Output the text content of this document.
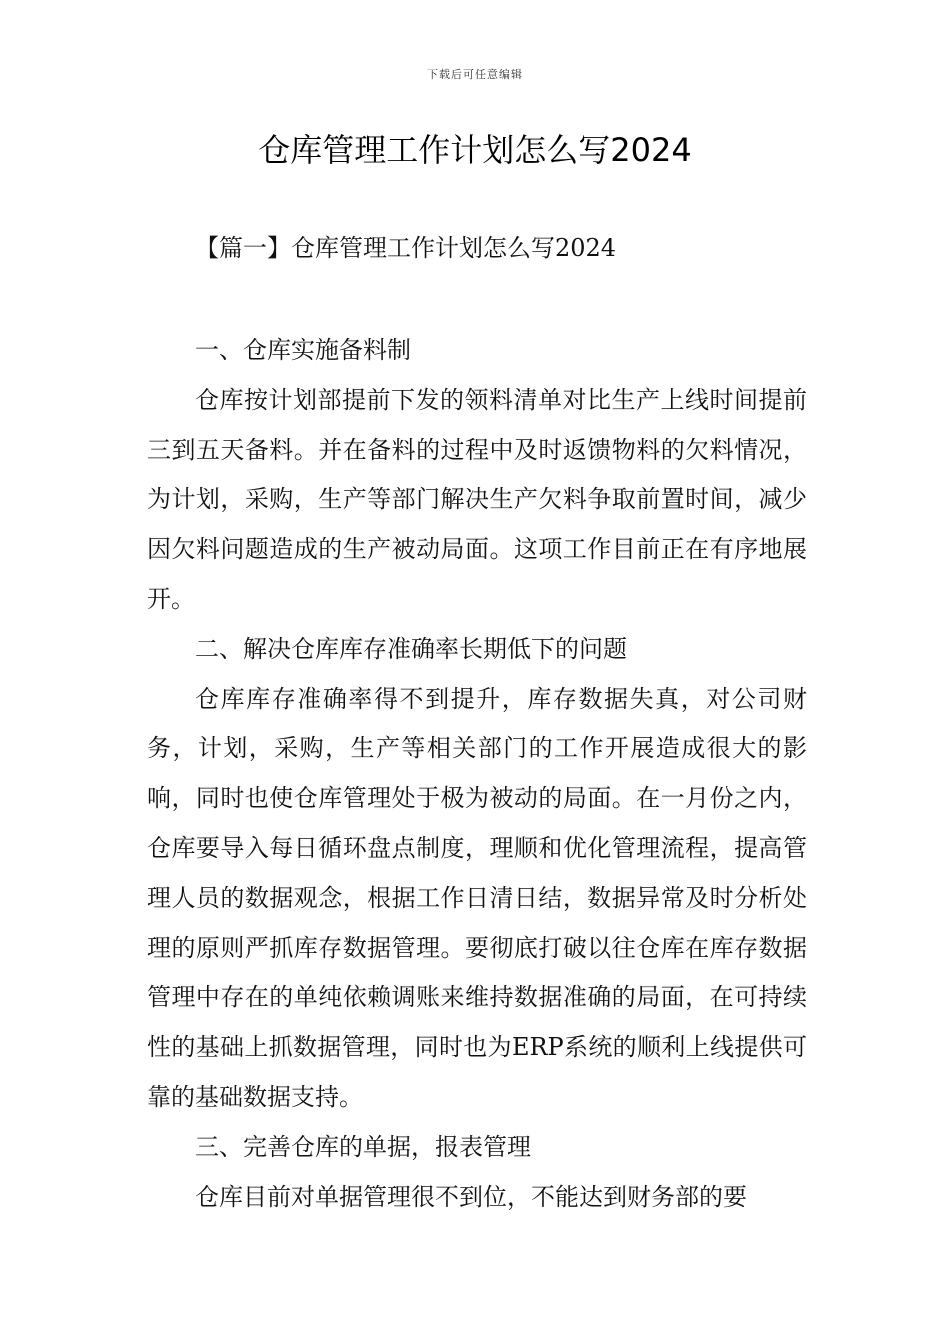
下载后可任意编辑
仓库管理工作计划怎么写2024
【篇一】仓库管理工作计划怎么写2024

一、仓库实施备料制

仓库按计划部提前下发的领料清单对比生产上线时间提前三到五天备料。并在备料的过程中及时返馈物料的欠料情况，为计划，采购，生产等部门解决生产欠料争取前置时间，减少因欠料问题造成的生产被动局面。这项工作目前正在有序地展开。

二、解决仓库库存准确率长期低下的问题

仓库库存准确率得不到提升，库存数据失真，对公司财务，计划，采购，生产等相关部门的工作开展造成很大的影响，同时也使仓库管理处于极为被动的局面。在一月份之内，仓库要导入每日循环盘点制度，理顺和优化管理流程，提高管理人员的数据观念，根据工作日清日结，数据异常及时分析处理的原则严抓库存数据管理。要彻底打破以往仓库在库存数据管理中存在的单纯依赖调账来维持数据准确的局面，在可持续性的基础上抓数据管理，同时也为ERP系统的顺利上线提供可靠的基础数据支持。

三、完善仓库的单据，报表管理

仓库目前对单据管理很不到位，不能达到财务部的要
